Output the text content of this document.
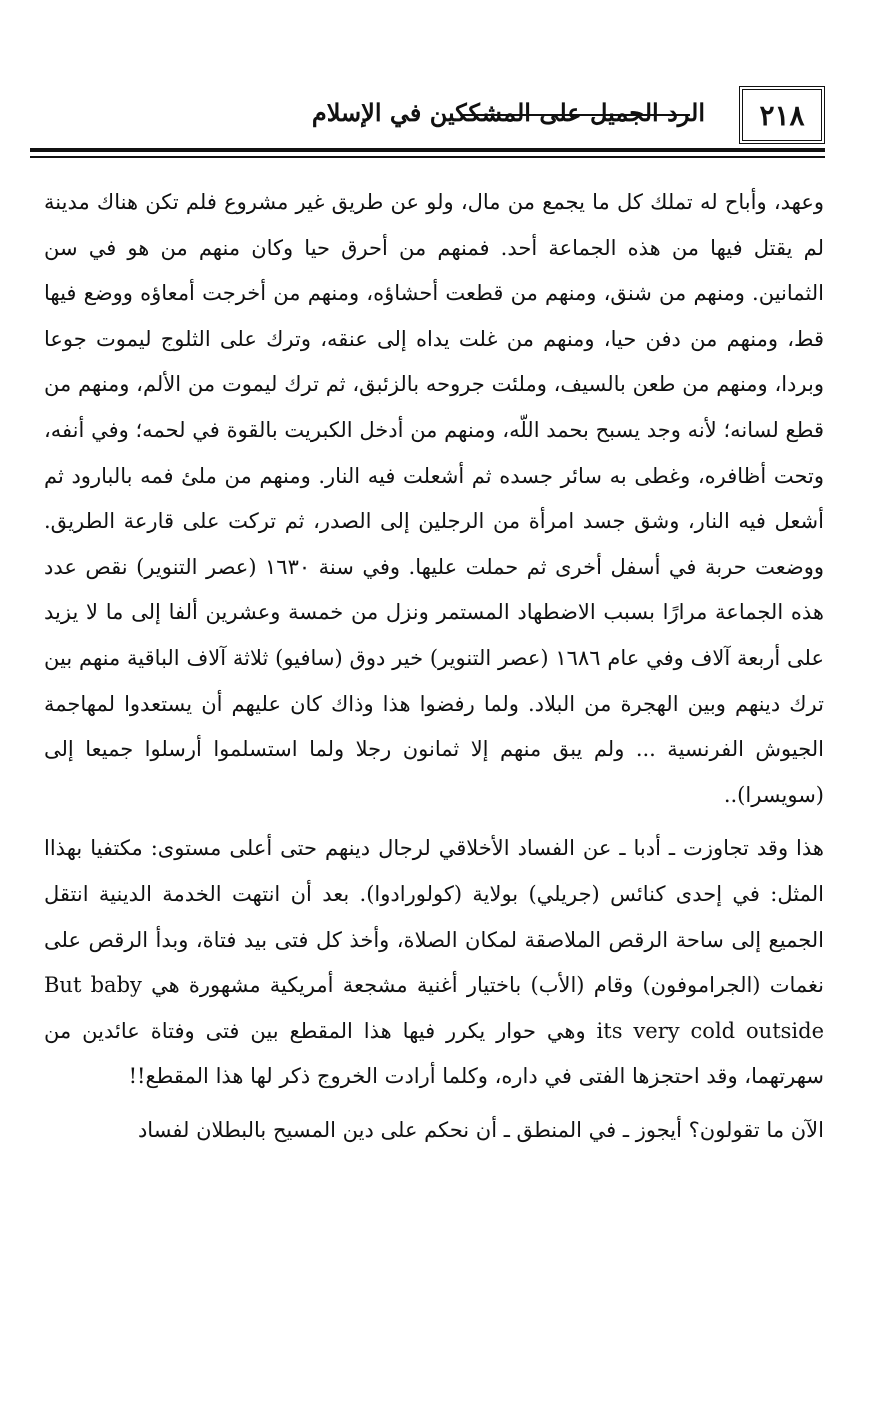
٢١٨
الرد الجميل على المشككين في الإسلام

وعهد، وأباح له تملك كل ما يجمع من مال، ولو عن طريق غير مشروع فلم تكن هناك مدينة لم يقتل فيها من هذه الجماعة أحد. فمنهم من أحرق حيا وكان منهم من هو في سن الثمانين. ومنهم من شنق، ومنهم من قطعت أحشاؤه، ومنهم من أخرجت أمعاؤه ووضع فيها قط، ومنهم من دفن حيا، ومنهم من غلت يداه إلى عنقه، وترك على الثلوج ليموت جوعا وبردا، ومنهم من طعن بالسيف، وملئت جروحه بالزئبق، ثم ترك ليموت من الألم، ومنهم من قطع لسانه؛ لأنه وجد يسبح بحمد اللّه، ومنهم من أدخل الكبريت بالقوة في لحمه؛ وفي أنفه، وتحت أظافره، وغطى به سائر جسده ثم أشعلت فيه النار. ومنهم من ملئ فمه بالبارود ثم أشعل فيه النار، وشق جسد امرأة من الرجلين إلى الصدر، ثم تركت على قارعة الطريق. ووضعت حربة في أسفل أخرى ثم حملت عليها. وفي سنة ١٦٣٠ (عصر التنوير) نقص عدد هذه الجماعة مرارًا بسبب الاضطهاد المستمر ونزل من خمسة وعشرين ألفا إلى ما لا يزيد على أربعة آلاف وفي عام ١٦٨٦ (عصر التنوير) خير دوق (سافيو) ثلاثة آلاف الباقية منهم بين ترك دينهم وبين الهجرة من البلاد. ولما رفضوا هذا وذاك كان عليهم أن يستعدوا لمهاجمة الجيوش الفرنسية ... ولم يبق منهم إلا ثمانون رجلا ولما استسلموا أرسلوا جميعا إلى (سويسرا)..

هذا وقد تجاوزت ـ أدبا ـ عن الفساد الأخلاقي لرجال دينهم حتى أعلى مستوى: مكتفيا بهذاا المثل: في إحدى كنائس (جريلي) بولاية (كولورادوا). بعد أن انتهت الخدمة الدينية انتقل الجميع إلى ساحة الرقص الملاصقة لمكان الصلاة، وأخذ كل فتى بيد فتاة، وبدأ الرقص على نغمات (الجراموفون) وقام (الأب) باختيار أغنية مشجعة أمريكية مشهورة هي But baby its very cold outside وهي حوار يكرر فيها هذا المقطع بين فتى وفتاة عائدين من سهرتهما، وقد احتجزها الفتى في داره، وكلما أرادت الخروج ذكر لها هذا المقطع!!

الآن ما تقولون؟ أيجوز ـ في المنطق ـ أن نحكم على دين المسيح بالبطلان لفساد
